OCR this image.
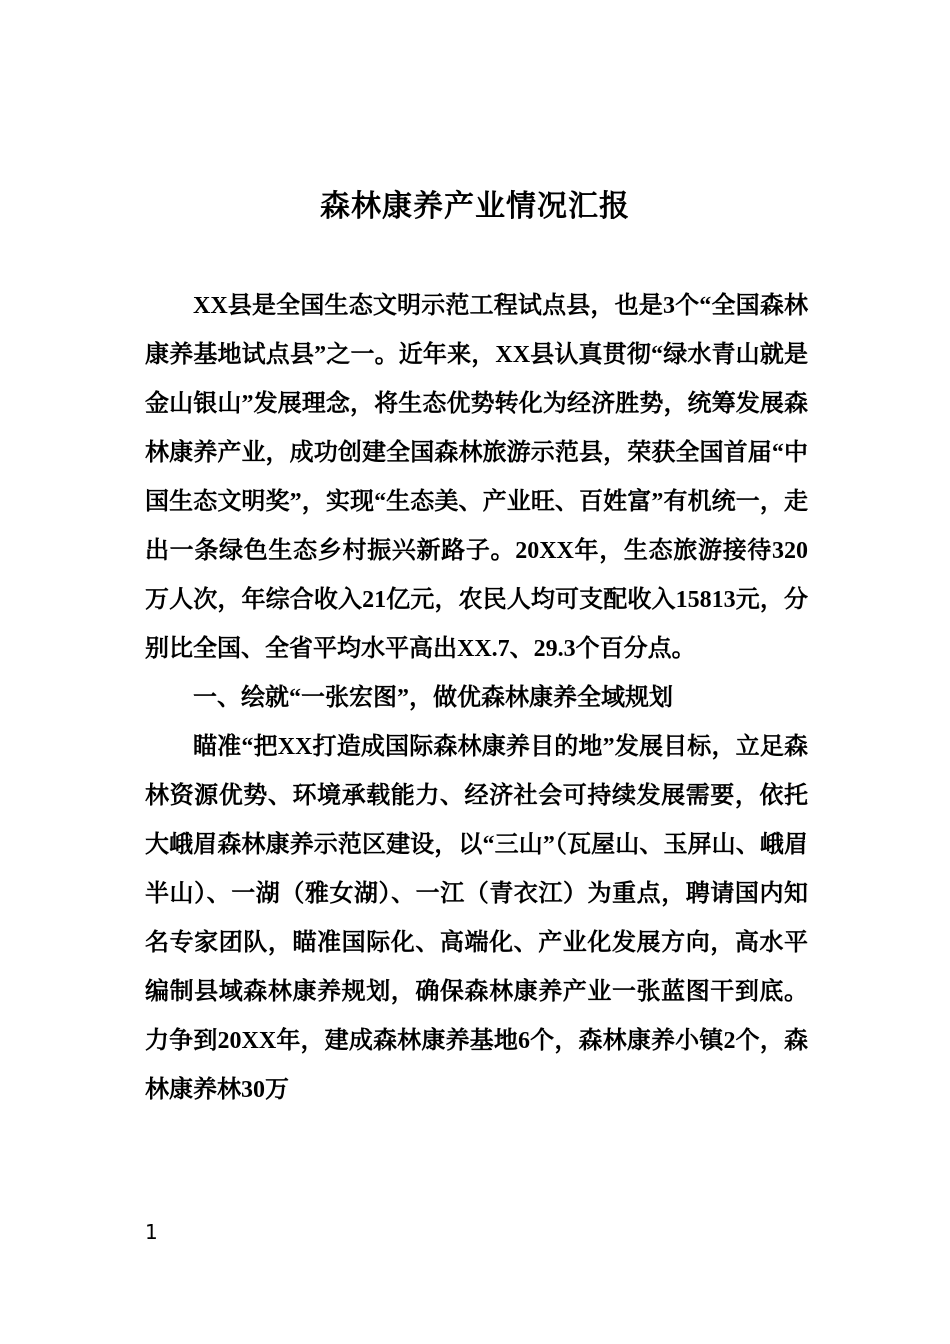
森林康养产业情况汇报

XX县是全国生态文明示范工程试点县，也是3个“全国森林康养基地试点县”之一。近年来，XX县认真贯彻“绿水青山就是金山银山”发展理念，将生态优势转化为经济胜势，统筹发展森林康养产业，成功创建全国森林旅游示范县，荣获全国首届“中国生态文明奖”，实现“生态美、产业旺、百姓富”有机统一，走出一条绿色生态乡村振兴新路子。20XX年，生态旅游接待320万人次，年综合收入21亿元，农民人均可支配收入15813元，分别比全国、全省平均水平高出XX.7、29.3个百分点。

一、绘就“一张宏图”，做优森林康养全域规划

瞄准“把XX打造成国际森林康养目的地”发展目标，立足森林资源优势、环境承载能力、经济社会可持续发展需要，依托大峨眉森林康养示范区建设，以“三山”（瓦屋山、玉屏山、峨眉半山）、一湖（雅女湖）、一江（青衣江）为重点，聘请国内知名专家团队，瞄准国际化、高端化、产业化发展方向，高水平编制县域森林康养规划，确保森林康养产业一张蓝图干到底。力争到20XX年，建成森林康养基地6个，森林康养小镇2个，森林康养林30万

1
